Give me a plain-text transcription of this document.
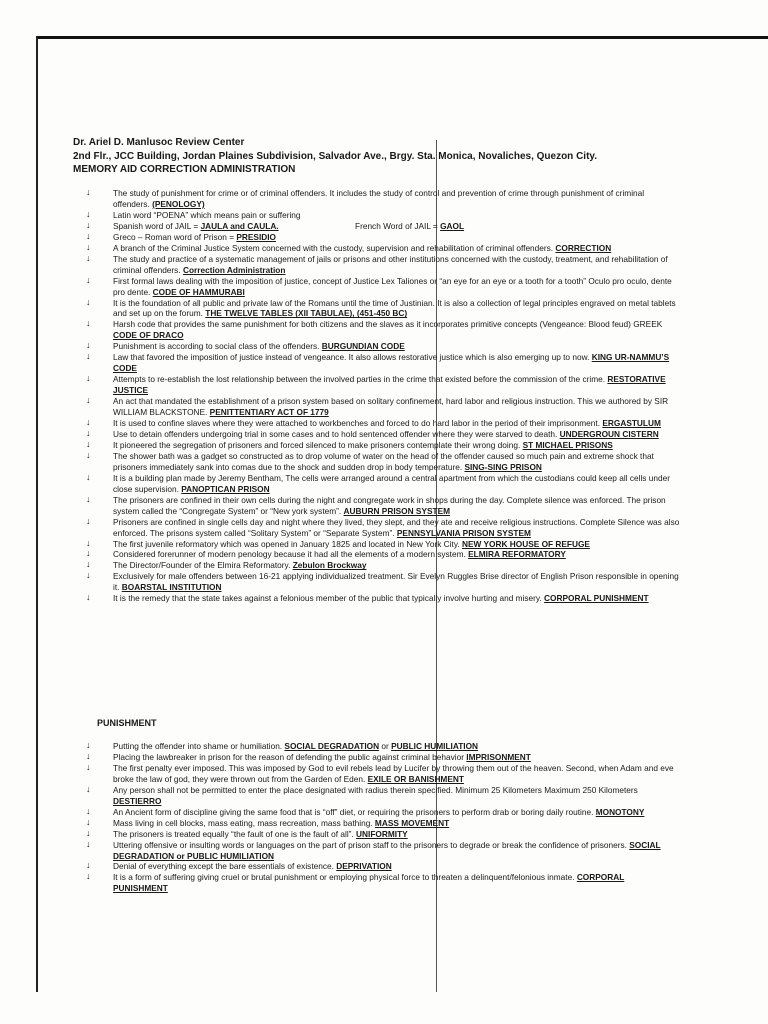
Dr. Ariel D. Manlusoc Review Center
2nd Flr., JCC Building, Jordan Plaines Subdivision, Salvador Ave., Brgy. Sta. Monica, Novaliches, Quezon City.
MEMORY AID CORRECTION ADMINISTRATION
↓	The study of punishment for crime or of criminal offenders. It includes the study of control and prevention of crime through punishment of criminal offenders. (PENOLOGY)
↓	Latin word “POENA” which means pain or suffering
↓	Spanish word of JAIL = JAULA and CAULA.	French Word of JAIL = GAOL
↓	Greco – Roman word of Prison = PRESIDIO
↓	A branch of the Criminal Justice System concerned with the custody, supervision and rehabilitation of criminal offenders. CORRECTION
↓	The study and practice of a systematic management of jails or prisons and other institutions concerned with the custody, treatment, and rehabilitation of criminal offenders. Correction Administration
↓	First formal laws dealing with the imposition of justice, concept of Justice Lex Taliones or “an eye for an eye or a tooth for a tooth” Oculo pro oculo, dente pro dente. CODE OF HAMMURABI
↓	It is the foundation of all public and private law of the Romans until the time of Justinian. It is also a collection of legal principles engraved on metal tablets and set up on the forum. THE TWELVE TABLES (XII TABULAE), (451-450 BC)
↓	Harsh code that provides the same punishment for both citizens and the slaves as it incorporates primitive concepts (Vengeance: Blood feud) GREEK CODE OF DRACO
↓	Punishment is according to social class of the offenders. BURGUNDIAN CODE
↓	Law that favored the imposition of justice instead of vengeance. It also allows restorative justice which is also emerging up to now. KING UR-NAMMU’S CODE
↓	Attempts to re-establish the lost relationship between the involved parties in the crime that existed before the commission of the crime. RESTORATIVE JUSTICE
↓	An act that mandated the establishment of a prison system based on solitary confinement, hard labor and religious instruction. This we authored by SIR WILLIAM BLACKSTONE. PENITTENTIARY ACT OF 1779
↓	It is used to confine slaves where they were attached to workbenches and forced to do hard labor in the period of their imprisonment. ERGASTULUM
↓	Use to detain offenders undergoing trial in some cases and to hold sentenced offender where they were starved to death. UNDERGROUN CISTERN
↓	It pioneered the segregation of prisoners and forced silenced to make prisoners contemplate their wrong doing. ST MICHAEL PRISONS
↓	The shower bath was a gadget so constructed as to drop volume of water on the head of the offender caused so much pain and extreme shock that prisoners immediately sank into comas due to the shock and sudden drop in body temperature. SING-SING PRISON
↓	It is a building plan made by Jeremy Bentham, The cells were arranged around a central apartment from which the custodians could keep all cells under close supervision. PANOPTICAN PRISON
↓	The prisoners are confined in their own cells during the night and congregate work in shops during the day. Complete silence was enforced. The prison system called the “Congregate System” or “New york system”. AUBURN PRISON SYSTEM
↓	Prisoners are confined in single cells day and night where they lived, they slept, and they ate and receive religious instructions. Complete Silence was also enforced. The prisons system called “Solitary System” or “Separate System”. PENNSYLVANIA PRISON SYSTEM
↓	The first juvenile reformatory which was opened in January 1825 and located in New York City. NEW YORK HOUSE OF REFUGE
↓	Considered forerunner of modern penology because it had all the elements of a modern system. ELMIRA REFORMATORY
↓	The Director/Founder of the Elmira Reformatory. Zebulon Brockway
↓	Exclusively for male offenders between 16-21 applying individualized treatment. Sir Evelyn Ruggles Brise director of English Prison responsible in opening it. BOARSTAL INSTITUTION
↓	It is the remedy that the state takes against a felonious member of the public that typically involve hurting and misery. CORPORAL PUNISHMENT
PUNISHMENT
↓	Putting the offender into shame or humiliation. SOCIAL DEGRADATION or PUBLIC HUMILIATION
↓	Placing the lawbreaker in prison for the reason of defending the public against criminal behavior IMPRISONMENT
↓	The first penalty ever imposed. This was imposed by God to evil rebels lead by Lucifer by throwing them out of the heaven. Second, when Adam and eve broke the law of god, they were thrown out from the Garden of Eden. EXILE OR BANISHMENT
↓	Any person shall not be permitted to enter the place designated with radius therein specified. Minimum 25 Kilometers Maximum 250 Kilometers DESTIERRO
↓	An Ancient form of discipline giving the same food that is “off” diet, or requiring the prisoners to perform drab or boring daily routine. MONOTONY
↓	Mass living in cell blocks, mass eating, mass recreation, mass bathing. MASS MOVEMENT
↓	The prisoners is treated equally “the fault of one is the fault of all”. UNIFORMITY
↓	Uttering offensive or insulting words or languages on the part of prison staff to the prisoners to degrade or break the confidence of prisoners. SOCIAL DEGRADATION or PUBLIC HUMILIATION
↓	Denial of everything except the bare essentials of existence. DEPRIVATION
↓	It is a form of suffering giving cruel or brutal punishment or employing physical force to threaten a delinquent/felonious inmate. CORPORAL PUNISHMENT
